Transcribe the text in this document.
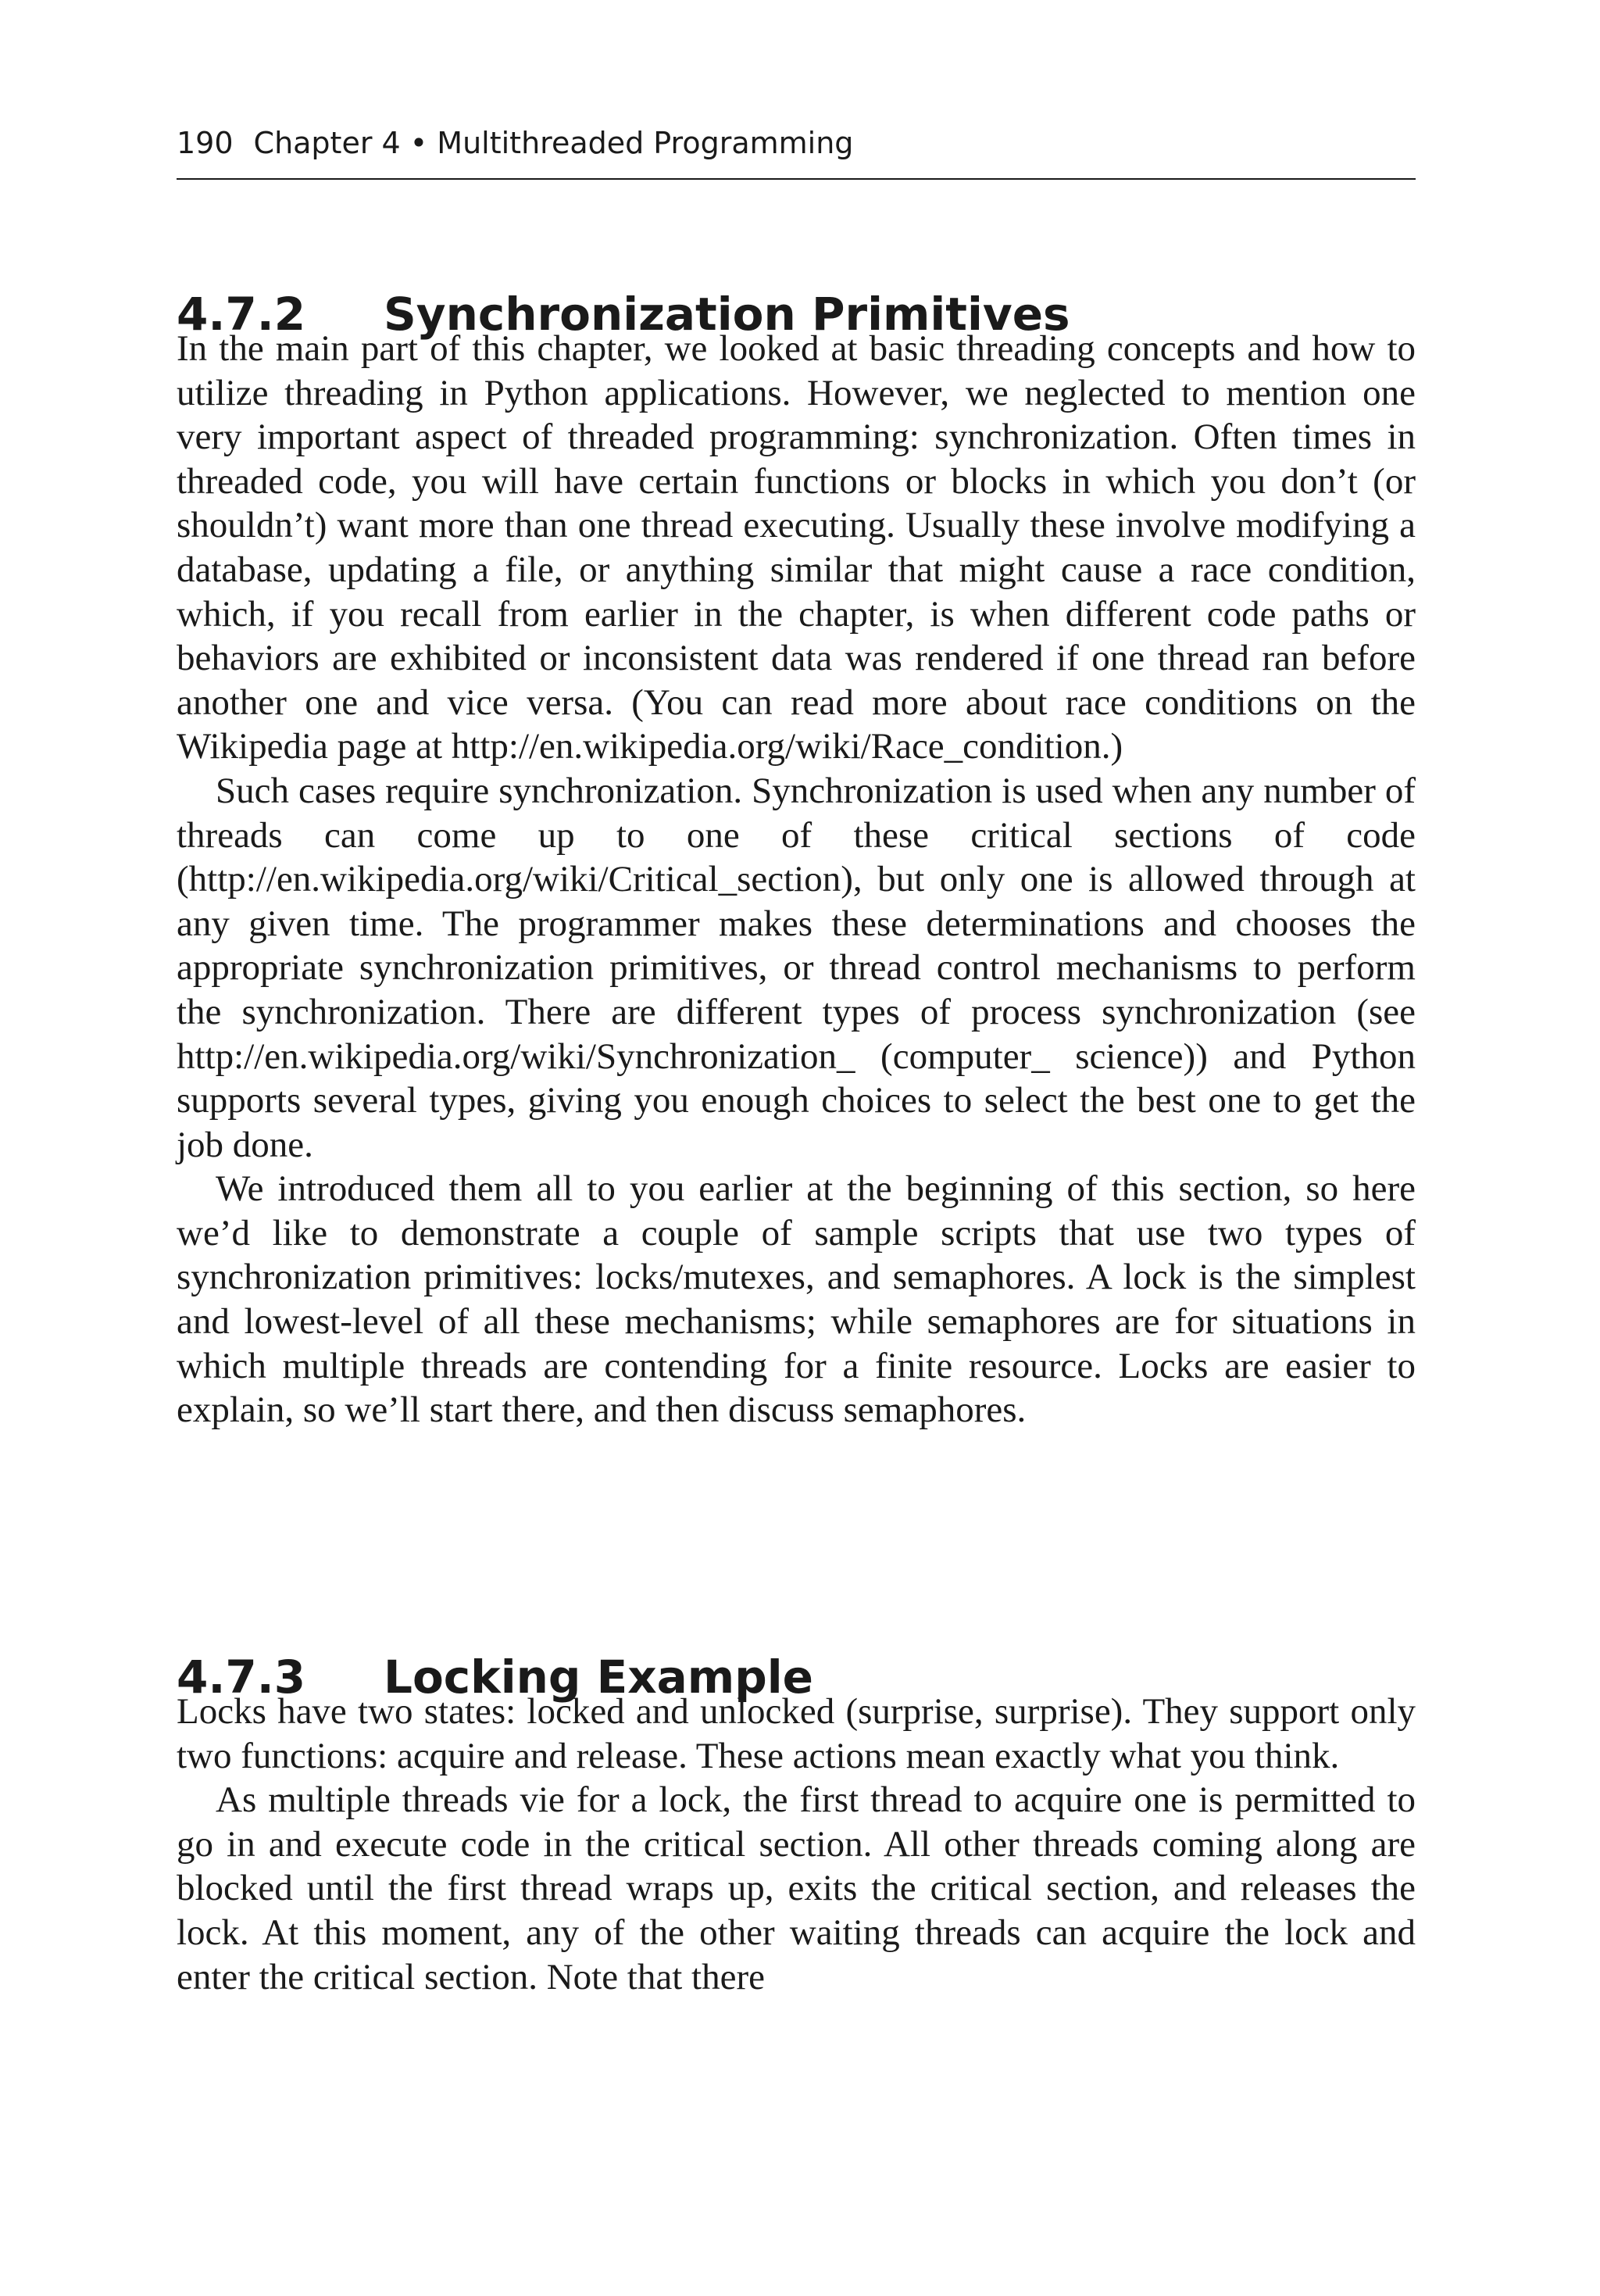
190 Chapter 4 • Multithreaded Programming
4.7.2 Synchronization Primitives

In the main part of this chapter, we looked at basic threading concepts and how to utilize threading in Python applications. However, we neglected to mention one very important aspect of threaded programming: synchronization. Often times in threaded code, you will have certain functions or blocks in which you don’t (or shouldn’t) want more than one thread executing. Usually these involve modifying a database, updating a file, or anything similar that might cause a race condition, which, if you recall from earlier in the chapter, is when different code paths or behaviors are exhibited or inconsistent data was rendered if one thread ran before another one and vice versa. (You can read more about race conditions on the Wikipedia page at http://en.wikipedia.org/wiki/Race_condition.)

Such cases require synchronization. Synchronization is used when any number of threads can come up to one of these critical sections of code (http://en.wikipedia.org/wiki/Critical_section), but only one is allowed through at any given time. The programmer makes these determinations and chooses the appropriate synchronization primitives, or thread control mechanisms to perform the synchronization. There are different types of process synchronization (see http://en.wikipedia.org/wiki/Synchronization_ (computer_ science)) and Python supports several types, giving you enough choices to select the best one to get the job done.

We introduced them all to you earlier at the beginning of this section, so here we’d like to demonstrate a couple of sample scripts that use two types of synchronization primitives: locks/mutexes, and semaphores. A lock is the simplest and lowest-level of all these mechanisms; while semaphores are for situations in which multiple threads are contending for a finite resource. Locks are easier to explain, so we’ll start there, and then discuss semaphores.

4.7.3 Locking Example

Locks have two states: locked and unlocked (surprise, surprise). They support only two functions: acquire and release. These actions mean exactly what you think.

As multiple threads vie for a lock, the first thread to acquire one is permitted to go in and execute code in the critical section. All other threads coming along are blocked until the first thread wraps up, exits the critical section, and releases the lock. At this moment, any of the other waiting threads can acquire the lock and enter the critical section. Note that there
